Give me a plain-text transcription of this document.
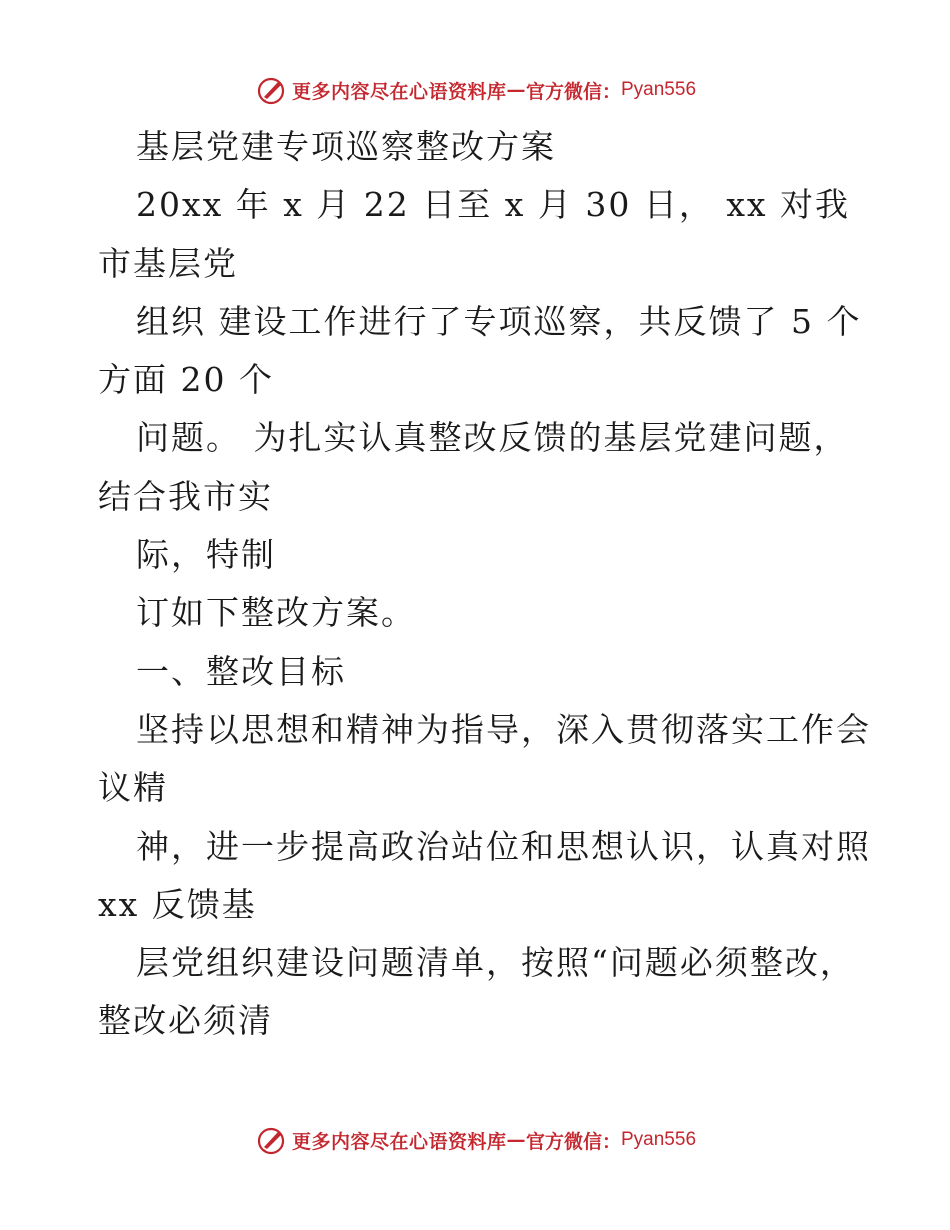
更多内容尽在心语资料库 — 官方微信： Pyan556
基层党建专项巡察整改方案
20xx 年 x 月 22 日至 x 月 30 日， xx 对我
市基层党
组织 建设工作进行了专项巡察，共反馈了 5 个
方面 20 个
问题。 为扎实认真整改反馈的基层党建问题，
结合我市实
际，特制
订如下整改方案。
一、整改目标
坚持以思想和精神为指导，深入贯彻落实工作会
议精
神，进一步提高政治站位和思想认识，认真对照
xx 反馈基
层党组织建设问题清单，按照“问题必须整改，
整改必须清
更多内容尽在心语资料库 — 官方微信： Pyan556
